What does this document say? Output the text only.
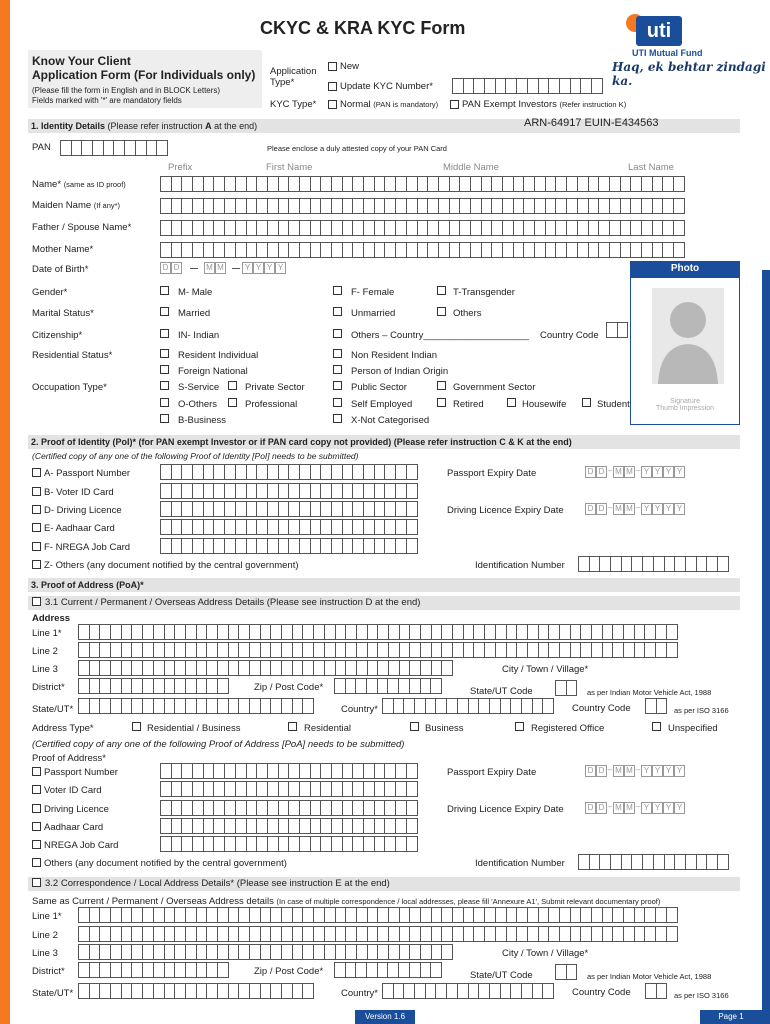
CKYC & KRA KYC Form
Know Your Client
Application Form (For Individuals only)
(Please fill the form in English and in BLOCK Letters)
Fields marked with '*' are mandatory fields
uti
UTI Mutual Fund
Haq, ek behtar zindagi ka.
Application Type*
New
Update KYC Number*
KYC Type* Normal (PAN is mandatory)	PAN Exempt Investors (Refer instruction K)
1. Identity Details (Please refer instruction A at the end)	ARN-64917 EUIN-E434563
PAN	Please enclose a duly attested copy of your PAN Card
Prefix	First Name	Middle Name	Last Name
Name* (same as ID proof)
Maiden Name (If any*)
Father / Spouse Name*
Mother Name*
Date of Birth*	D D	M M	Y Y Y Y	Photo
Signature
Thumb Impression
Gender*	M- Male	F- Female	T-Transgender
Marital Status*	Married	Unmarried	Others
Citizenship*	IN- Indian	Others – Country____________________ Country Code
Residential Status*	Resident Individual	Non Resident Indian
Foreign National	Person of Indian Origin
Occupation Type*	S-Service	Private Sector	Public Sector	Government Sector
O-Others	Professional	Self Employed	Retired	Housewife	Student
B-Business	X-Not Categorised
2. Proof of Identity (PoI)* (for PAN exempt Investor or if PAN card copy not provided) (Please refer instruction C & K at the end)
(Certified copy of any one of the following Proof of Identity [PoI] needs to be submitted)
A- Passport Number	Passport Expiry Date	D D – M M – Y Y Y Y
B- Voter ID Card
D- Driving Licence	Driving Licence Expiry Date	D D – M M – Y Y Y Y
E- Aadhaar Card
F- NREGA Job Card
Z- Others (any document notified by the central government)	Identification Number
3. Proof of Address (PoA)*
3.1 Current / Permanent / Overseas Address Details (Please see instruction D at the end)
Address
Line 1*
Line 2
Line 3	City / Town / Village*
District*	Zip / Post Code*	State/UT Code	as per Indian Motor Vehicle Act, 1988
State/UT*	Country*	Country Code	as per ISO 3166
Address Type*	Residential / Business	Residential	Business	Registered Office	Unspecified
(Certified copy of any one of the following Proof of Address [PoA] needs to be submitted)
Proof of Address*
Passport Number	Passport Expiry Date	D D – M M – Y Y Y Y
Voter ID Card
Driving Licence	Driving Licence Expiry Date	D D – M M – Y Y Y Y
Aadhaar Card
NREGA Job Card
Others (any document notified by the central government)	Identification Number
3.2 Correspondence / Local Address Details* (Please see instruction E at the end)
Same as Current / Permanent / Overseas Address details (In case of multiple correspondence / local addresses, please fill 'Annexure A1', Submit relevant documentary proof)
Line 1*
Line 2
Line 3	City / Town / Village*
District*	Zip / Post Code*	State/UT Code	as per Indian Motor Vehicle Act, 1988
State/UT*	Country*	Country Code	as per ISO 3166
Version 1.6	Page 1
